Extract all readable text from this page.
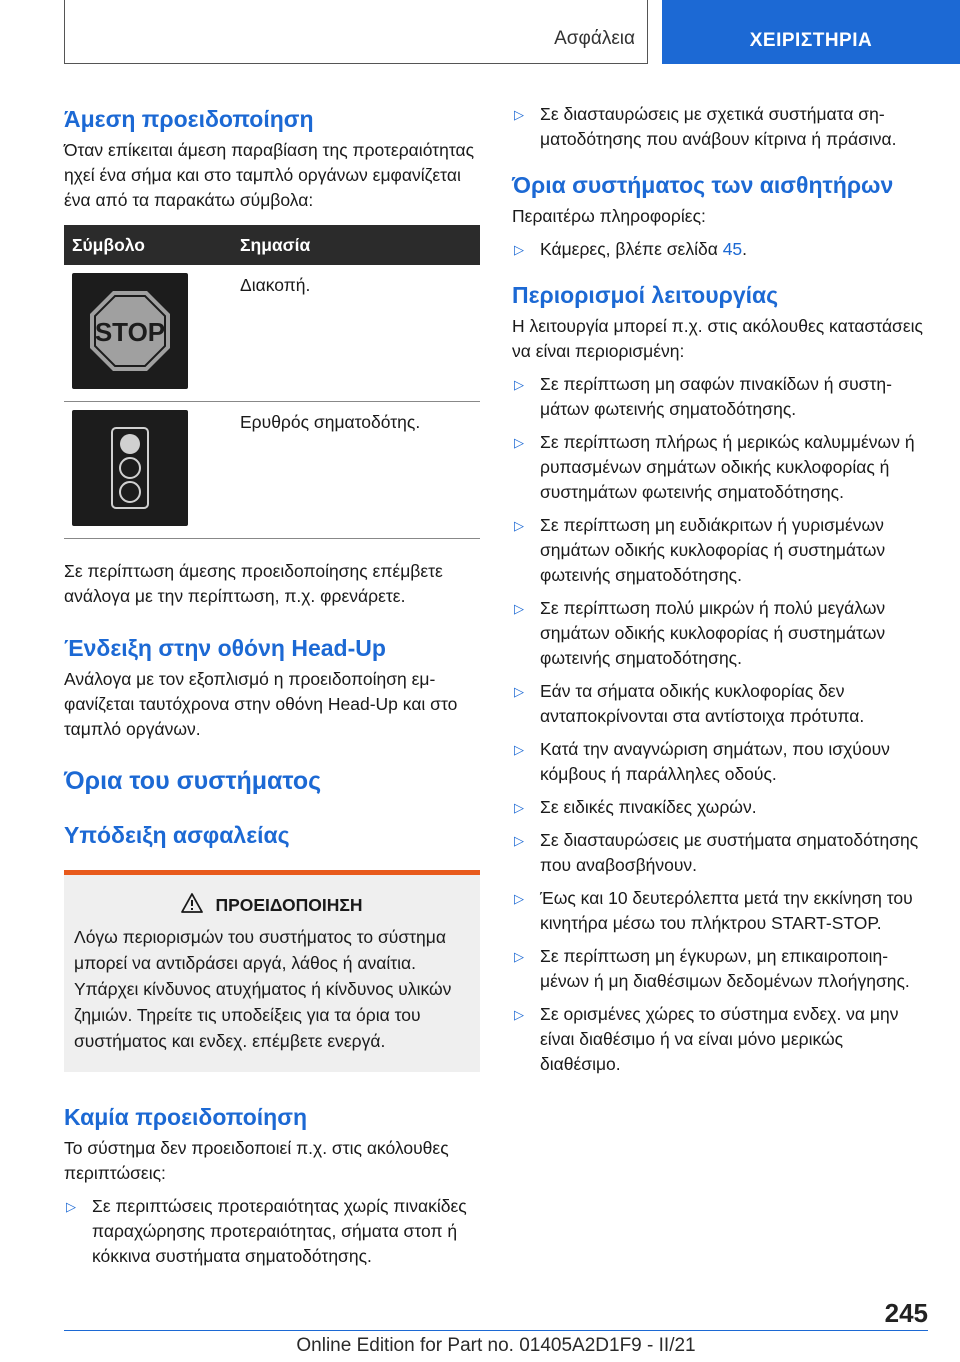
Ασφάλεια	ΧΕΙΡΙΣΤΗΡΙΑ
Άμεση προειδοποίηση

Όταν επίκειται άμεση παραβίαση της προτεραιότητας ηχεί ένα σήμα και στο ταμπλό οργάνων εμφανίζεται ένα από τα παρακάτω σύμβολα:

Σύμβολο	Σημασία

STOP	Διακοπή.

	Ερυθρός σηματοδότης.

Σε περίπτωση άμεσης προειδοποίησης επέμβετε ανάλογα με την περίπτωση, π.χ. φρενάρετε.

Ένδειξη στην οθόνη Head-Up

Ανάλογα με τον εξοπλισμό η προειδοποίηση εμφανίζεται ταυτόχρονα στην οθόνη Head-Up και στο ταμπλό οργάνων.

Όρια του συστήματος
Υπόδειξη ασφαλείας
ΠΡΟΕΙΔΟΠΟΙΗΣΗ
Λόγω περιορισμών του συστήματος το σύστημα μπορεί να αντιδράσει αργά, λάθος ή αναίτια. Υπάρχει κίνδυνος ατυχήματος ή κίνδυνος υλικών ζημιών. Τηρείτε τις υποδείξεις για τα όρια του συστήματος και ενδεχ. επέμβετε ενεργά.
Καμία προειδοποίηση

Το σύστημα δεν προειδοποιεί π.χ. στις ακόλουθες περιπτώσεις:

▷ Σε περιπτώσεις προτεραιότητας χωρίς πινακίδες παραχώρησης προτεραιότητας, σήματα στοπ ή κόκκινα συστήματα σηματοδότησης.
▷ Σε διασταυρώσεις με σχετικά συστήματα σηματοδότησης που ανάβουν κίτρινα ή πράσινα.
Όρια συστήματος των αισθητήρων

Περαιτέρω πληροφορίες:

▷ Κάμερες, βλέπε σελίδα 45.
Περιορισμοί λειτουργίας

Η λειτουργία μπορεί π.χ. στις ακόλουθες καταστάσεις να είναι περιορισμένη:

▷ Σε περίπτωση μη σαφών πινακίδων ή συστημάτων φωτεινής σηματοδότησης.
▷ Σε περίπτωση πλήρως ή μερικώς καλυμμένων ή ρυπασμένων σημάτων οδικής κυκλοφορίας ή συστημάτων φωτεινής σηματοδότησης.
▷ Σε περίπτωση μη ευδιάκριτων ή γυρισμένων σημάτων οδικής κυκλοφορίας ή συστημάτων φωτεινής σηματοδότησης.
▷ Σε περίπτωση πολύ μικρών ή πολύ μεγάλων σημάτων οδικής κυκλοφορίας ή συστημάτων φωτεινής σηματοδότησης.
▷ Εάν τα σήματα οδικής κυκλοφορίας δεν ανταποκρίνονται στα αντίστοιχα πρότυπα.
▷ Κατά την αναγνώριση σημάτων, που ισχύουν κόμβους ή παράλληλες οδούς.
▷ Σε ειδικές πινακίδες χωρών.
▷ Σε διασταυρώσεις με συστήματα σηματοδότησης που αναβοσβήνουν.
▷ Έως και 10 δευτερόλεπτα μετά την εκκίνηση του κινητήρα μέσω του πλήκτρου START-STOP.
▷ Σε περίπτωση μη έγκυρων, μη επικαιροποιημένων ή μη διαθέσιμων δεδομένων πλοήγησης.
▷ Σε ορισμένες χώρες το σύστημα ενδεχ. να μην είναι διαθέσιμο ή να είναι μόνο μερικώς διαθέσιμο.
245
Online Edition for Part no. 01405A2D1F9 - II/21
